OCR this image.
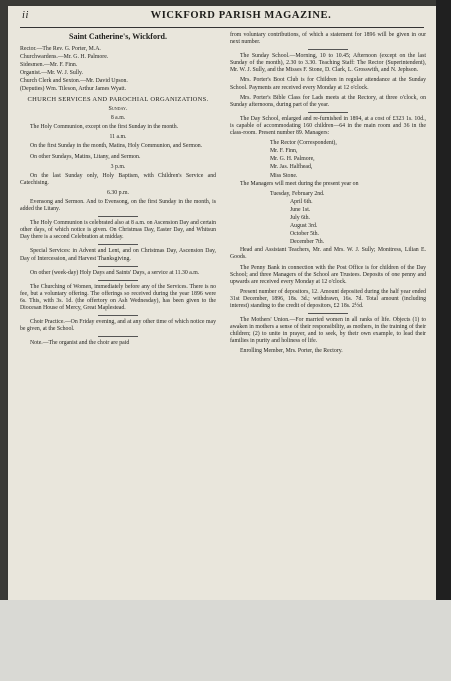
ii	WICKFORD PARISH MAGAZINE.
Saint Catherine's, Wickford.
Rector.—The Rev. G. Porter, M.A.
Churchwardens.—Mr. G. H. Palmore.
Sidesmen.—Mr. F. Finn.
Organist.—Mr. W. J. Sully.
Church Clerk and Sexton.—Mr. David Upson.
(Deputies) Wm. Tileson, Arthur James Wyatt.
CHURCH SERVICES AND PAROCHIAL ORGANIZATIONS.
Sunday.
8 a.m.

The Holy Communion, except on the first Sunday in the month.

11 a.m.

On the first Sunday in the month, Matins, Holy Communion, and Sermon.

On other Sundays, Matins, Litany, and Sermon.

3 p.m.

On the last Sunday only, Holy Baptism, with Children's Service and Catechising.

6.30 p.m.

Evensong and Sermon. And to Evensong, on the first Sunday in the month, is added the Litany.

The Holy Communion is celebrated also at 8 a.m. on Ascension Day and certain other days, of which notice is given. On Christmas Day, Easter Day, and Whitsun Day there is a second Celebration at midday.

Special Services: in Advent and Lent, and on Christmas Day, Ascension Day, Day of Intercession, and Harvest Thanksgiving.

On other (week-day) Holy Days and Saints' Days, a service at 11.30 a.m.

The Churching of Women, immediately before any of the Services. There is no fee, but a voluntary offering. The offerings so received during the year 1896 were 6s. This, with 3s. 1d. (the offertory on Ash Wednesday), has been given to the Diocesan House of Mercy, Great Maplestead.

Choir Practice.—On Friday evening, and at any other time of which notice may be given, at the School.

Note.—The organist and the choir are paid

from voluntary contributions, of which a statement for 1896 will be given in our next number.

The Sunday School.—Morning, 10 to 10.45; Afternoon (except on the last Sunday of the month), 2.30 to 3.30. Teaching Staff: The Rector (Superintendent), Mr. W. J. Sully, and the Misses F. Stone, D. Clark, L. Grosswith, and N. Jephson.

Mrs. Porter's Boot Club is for Children in regular attendance at the Sunday School. Payments are received every Monday at 12 o'clock.

Mrs. Porter's Bible Class for Lads meets at the Rectory, at three o'clock, on Sunday afternoons, during part of the year.

The Day School, enlarged and re-furnished in 1894, at a cost of £323 1s. 10d., is capable of accommodating 160 children—64 in the main room and 36 in the class-room. Present number 89. Managers:

The Rector (Correspondent),
Mr. F. Finn,
Mr. G. H. Palmore,
Mr. Jas. Halfhead,
Miss Stone.

The Managers will meet during the present year on

Tuesday, February 2nd.
April 6th.
June 1st.
July 6th.
August 3rd.
October 5th.
December 7th.

Head and Assistant Teachers, Mr. and Mrs. W. J. Sully; Monitress, Lilian E. Goods.

The Penny Bank in connection with the Post Office is for children of the Day School; and three Managers of the School are Trustees. Deposits of one penny and upwards are received every Monday at 12 o'clock.

Present number of depositors, 12. Amount deposited during the half year ended 31st December, 1896, 18s. 3d.; withdrawn, 16s. 7d. Total amount (including interest) standing to the credit of depositors, £2 18s. 2½d.

The Mothers' Union.—For married women in all ranks of life. Objects (1) to awaken in mothers a sense of their responsibility, as mothers, in the training of their children; (2) to unite in prayer, and to seek, by their own example, to lead their families in purity and holiness of life.

Enrolling Member, Mrs. Porter, the Rectory.
